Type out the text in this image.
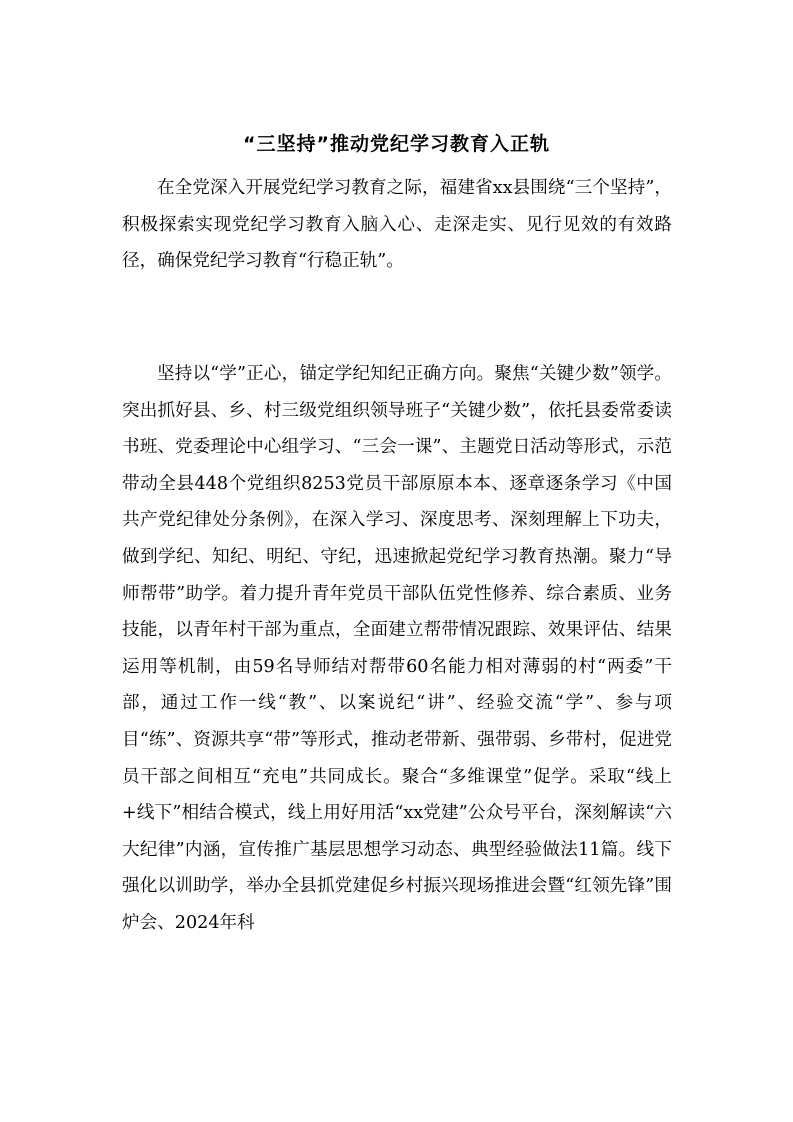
“三坚持”推动党纪学习教育入正轨

在全党深入开展党纪学习教育之际，福建省xx县围绕“三个坚持”，积极探索实现党纪学习教育入脑入心、走深走实、见行见效的有效路径，确保党纪学习教育“行稳正轨”。

坚持以“学”正心，锚定学纪知纪正确方向。聚焦“关键少数”领学。突出抓好县、乡、村三级党组织领导班子“关键少数”，依托县委常委读书班、党委理论中心组学习、“三会一课”、主题党日活动等形式，示范带动全县448个党组织8253党员干部原原本本、逐章逐条学习《中国共产党纪律处分条例》，在深入学习、深度思考、深刻理解上下功夫，做到学纪、知纪、明纪、守纪，迅速掀起党纪学习教育热潮。聚力“导师帮带”助学。着力提升青年党员干部队伍党性修养、综合素质、业务技能，以青年村干部为重点，全面建立帮带情况跟踪、效果评估、结果运用等机制，由59名导师结对帮带60名能力相对薄弱的村“两委”干部，通过工作一线“教”、以案说纪“讲”、经验交流“学”、参与项目“练”、资源共享“带”等形式，推动老带新、强带弱、乡带村，促进党员干部之间相互“充电”共同成长。聚合“多维课堂”促学。采取“线上+线下”相结合模式，线上用好用活“xx党建”公众号平台，深刻解读“六大纪律”内涵，宣传推广基层思想学习动态、典型经验做法11篇。线下强化以训助学，举办全县抓党建促乡村振兴现场推进会暨“红领先锋”围炉会、2024年科
